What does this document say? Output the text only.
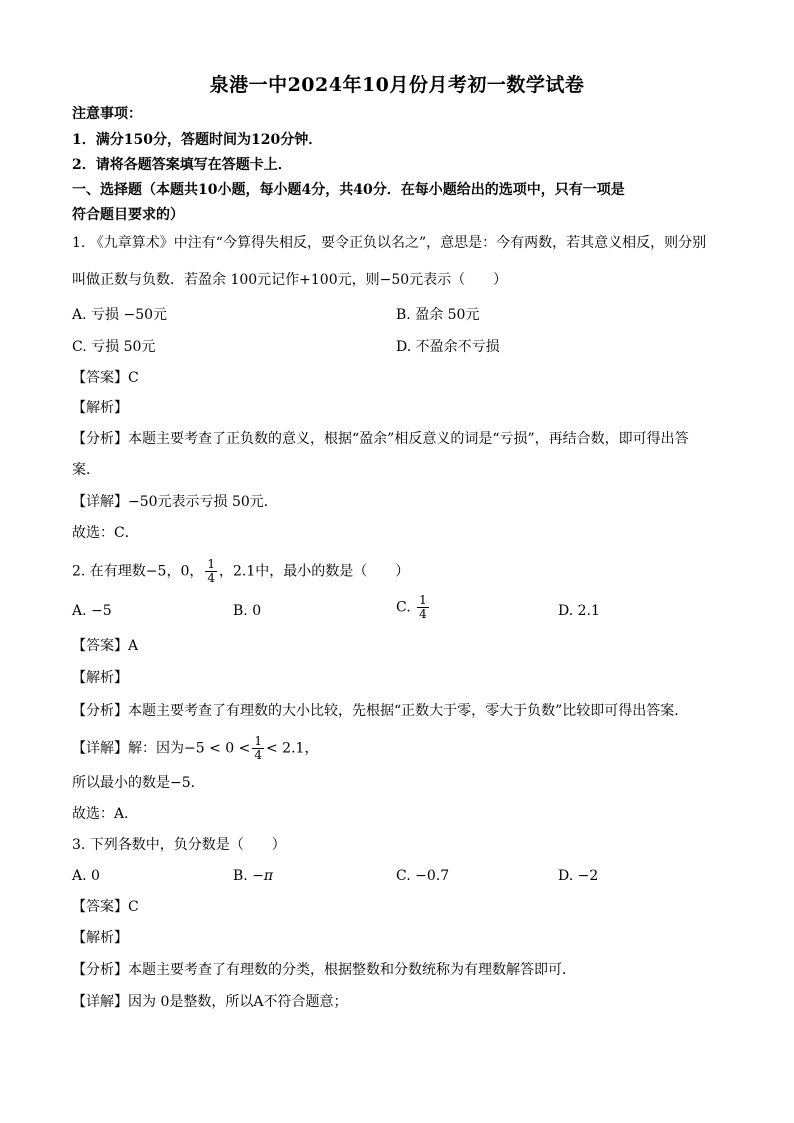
泉港一中2024年10月份月考初一数学试卷
注意事项：
1．满分150分，答题时间为120分钟．
2．请将各题答案填写在答题卡上．
一、选择题（本题共10小题，每小题4分，共40分．在每小题给出的选项中，只有一项是
符合题目要求的）
1. 《九章算术》中注有“今算得失相反，要令正负以名之”，意思是：今有两数，若其意义相反，则分别
叫做正数与负数．若盈余 100元记作+100元，则−50元表示（　　）
A. 亏损 −50元	B. 盈余 50元
C. 亏损 50元	D. 不盈余不亏损
【答案】C
【解析】
【分析】本题主要考查了正负数的意义，根据“盈余”相反意义的词是“亏损”，再结合数，即可得出答
案．
【详解】−50元表示亏损 50元．
故选：C．
2. 在有理数−5，0， $\frac{1}{4}$ ，2.1中，最小的数是（　　）
A. −5	B. 0	C. $\frac{1}{4}$	D. 2.1
【答案】A
【解析】
【分析】本题主要考查了有理数的大小比较，先根据“正数大于零，零大于负数”比较即可得出答案．
【详解】解：因为$-5 < 0 < \frac{1}{4} < 2.1$，
所以最小的数是−5．
故选：A．
3. 下列各数中，负分数是（　　）
A. 0	B. −π	C. −0.7	D. −2
【答案】C
【解析】
【分析】本题主要考查了有理数的分类，根据整数和分数统称为有理数解答即可．
【详解】因为 0是整数，所以A不符合题意；
